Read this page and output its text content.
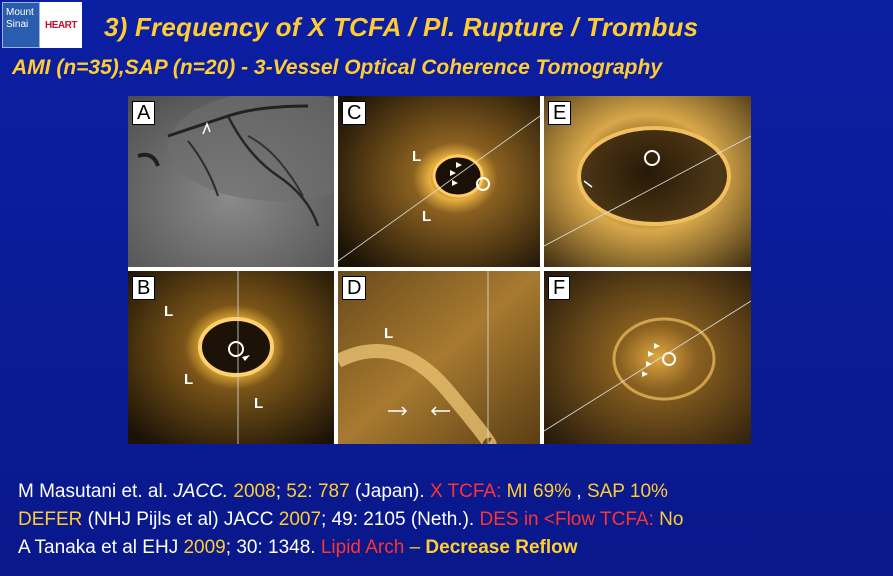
Mount
Sinai	HEART 3) Frequency of X TCFA / Pl. Rupture / Trombus
AMI (n=35),SAP (n=20) - 3-Vessel Optical Coherence Tomography
A	C
L
L
E
B
L
L
L
D
L
F
M Masutani et. al. JACC. 2008; 52: 787 (Japan). X TCFA: MI 69% , SAP 10%
DEFER (NHJ Pijls et al) JACC 2007; 49: 2105 (Neth.). DES in <Flow TCFA: No
A Tanaka et al EHJ 2009; 30: 1348. Lipid Arch – Decrease Reflow
